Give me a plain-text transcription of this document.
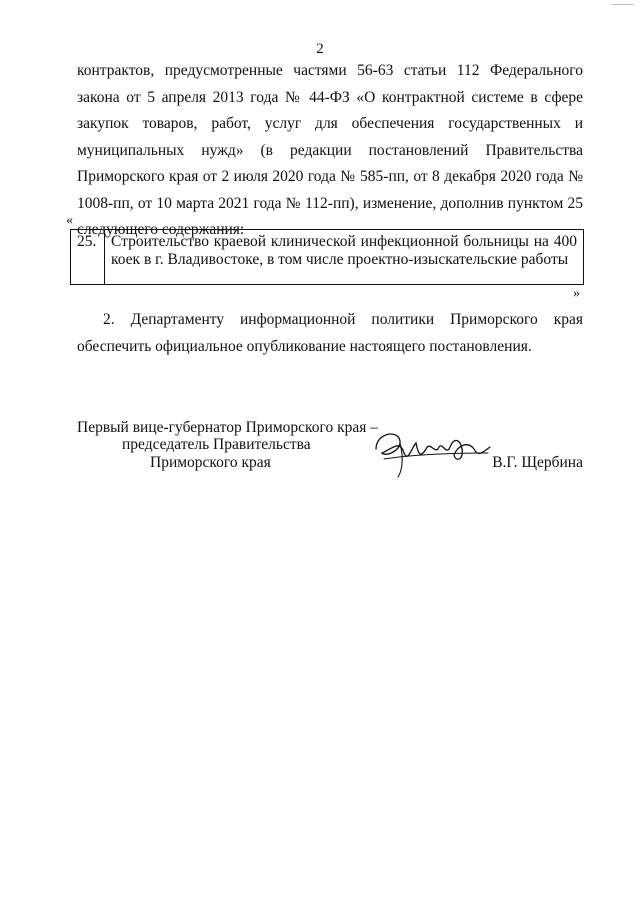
2
контрактов, предусмотренные частями 56-63 статьи 112 Федерального закона от 5 апреля 2013 года № 44-ФЗ «О контрактной системе в сфере закупок товаров, работ, услуг для обеспечения государственных и муниципальных нужд» (в редакции постановлений Правительства Приморского края от 2 июля 2020 года № 585-пп, от 8 декабря 2020 года № 1008-пп, от 10 марта 2021 года № 112-пп), изменение, дополнив пунктом 25 следующего содержания:
«
25. Строительство краевой клинической инфекционной больницы на 400 коек в г. Владивостоке, в том числе проектно-изыскательские работы
»
2. Департаменту информационной политики Приморского края обеспечить официальное опубликование настоящего постановления.
Первый вице-губернатор Приморского края –
председатель Правительства
Приморского края	В.Г. Щербина
